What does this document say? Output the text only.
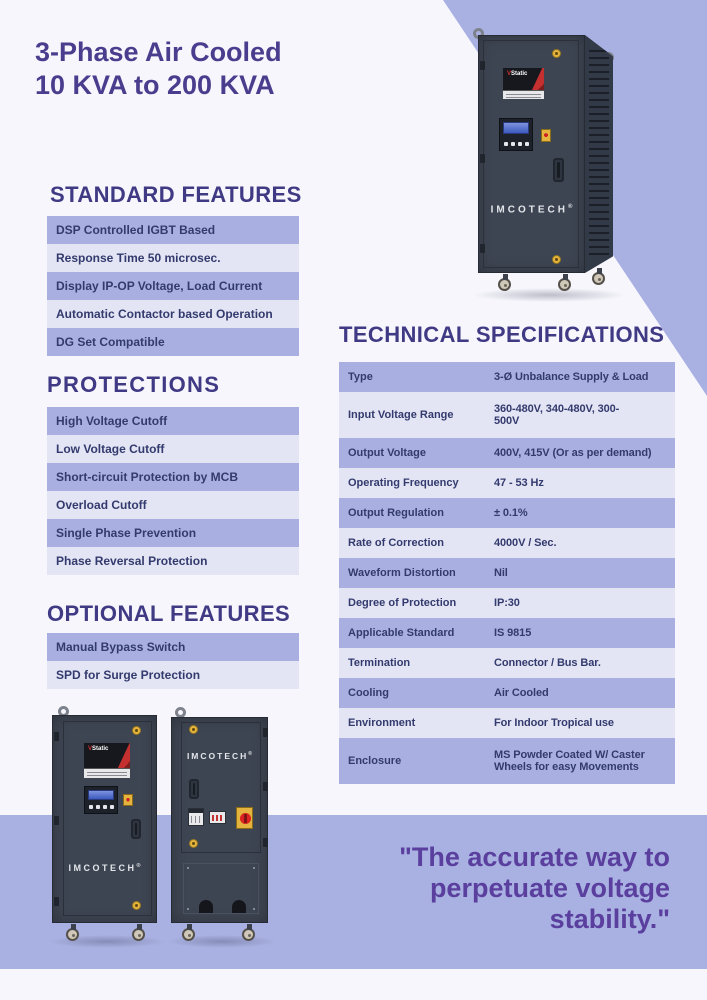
3-Phase Air Cooled
10 KVA to 200 KVA
STANDARD FEATURES
DSP Controlled IGBT Based
Response Time 50 microsec.
Display IP-OP Voltage, Load Current
Automatic Contactor based Operation
DG Set Compatible
PROTECTIONS
High Voltage Cutoff
Low Voltage Cutoff
Short-circuit Protection by MCB
Overload Cutoff
Single Phase Prevention
Phase Reversal Protection
OPTIONAL FEATURES
Manual Bypass Switch
SPD for Surge Protection
TECHNICAL SPECIFICATIONS
Type	3-Ø Unbalance Supply & Load
Input Voltage Range	360-480V, 340-480V, 300-500V
Output Voltage	400V, 415V (Or as per demand)
Operating Frequency	47 - 53 Hz
Output Regulation	± 0.1%
Rate of Correction	4000V / Sec.
Waveform Distortion	Nil
Degree of Protection	IP:30
Applicable Standard	IS 9815
Termination	Connector / Bus Bar.
Cooling	Air Cooled
Environment	For Indoor Tropical use
Enclosure	MS Powder Coated W/ Caster Wheels for easy Movements
"The accurate way to
perpetuate voltage
stability."
VStatic
IMCOTECH®
VStatic
IMCOTECH®
IMCOTECH®
